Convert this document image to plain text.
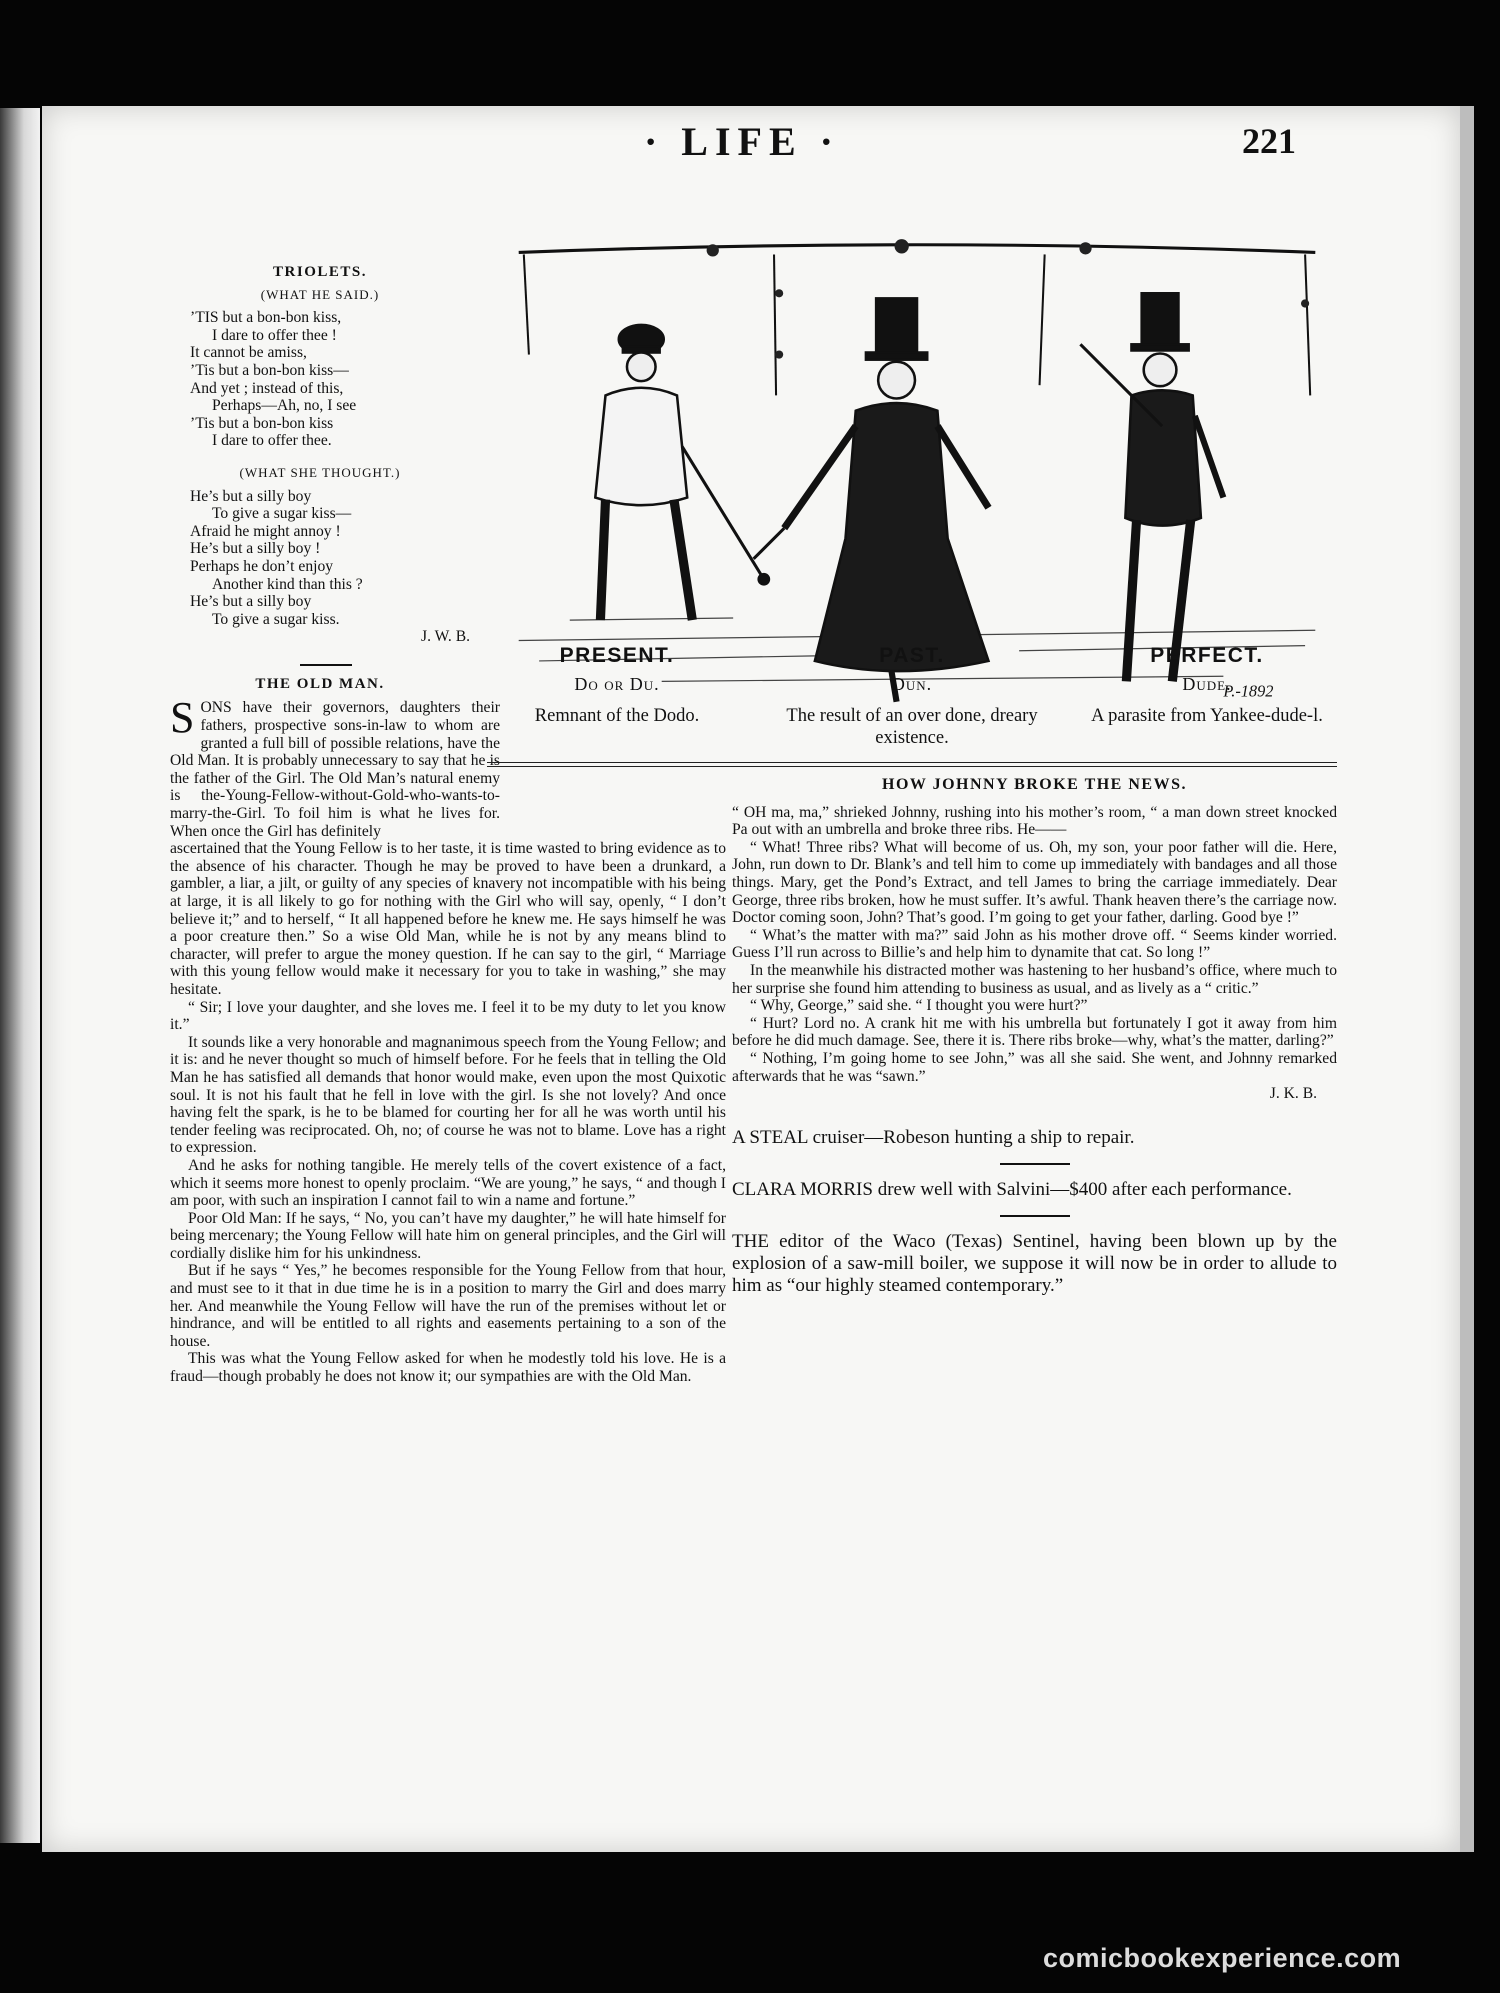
· LIFE ·	221
TRIOLETS.
(WHAT HE SAID.)
’TIS but a bon-bon kiss,
I dare to offer thee !
It cannot be amiss,
’Tis but a bon-bon kiss—
And yet ; instead of this,
Perhaps—Ah, no, I see
’Tis but a bon-bon kiss
I dare to offer thee.
(WHAT SHE THOUGHT.)
He’s but a silly boy
To give a sugar kiss—
Afraid he might annoy !
He’s but a silly boy !
Perhaps he don’t enjoy
Another kind than this ?
He’s but a silly boy
To give a sugar kiss.
J. W. B.
THE OLD MAN.
SONS have their governors, daughters their fathers, prospective sons-in-law to whom are granted a full bill of possible relations, have the Old Man. It is probably unnecessary to say that he is the father of the Girl. The Old Man’s natural enemy is the-Young-Fellow-without-Gold-who-wants-to-marry-the-Girl. To foil him is what he lives for. When once the Girl has definitely

ascertained that the Young Fellow is to her taste, it is time wasted to bring evidence as to the absence of his character. Though he may be proved to have been a drunkard, a gambler, a liar, a jilt, or guilty of any species of knavery not incompatible with his being at large, it is all likely to go for nothing with the Girl who will say, openly, “ I don’t believe it;” and to herself, “ It all happened before he knew me. He says himself he was a poor creature then.” So a wise Old Man, while he is not by any means blind to character, will prefer to argue the money question. If he can say to the girl, “ Marriage with this young fellow would make it necessary for you to take in washing,” she may hesitate.

“ Sir; I love your daughter, and she loves me. I feel it to be my duty to let you know it.”

It sounds like a very honorable and magnanimous speech from the Young Fellow; and it is: and he never thought so much of himself before. For he feels that in telling the Old Man he has satisfied all demands that honor would make, even upon the most Quixotic soul. It is not his fault that he fell in love with the girl. Is she not lovely? And once having felt the spark, is he to be blamed for courting her for all he was worth until his tender feeling was reciprocated. Oh, no; of course he was not to blame. Love has a right to expression.

And he asks for nothing tangible. He merely tells of the covert existence of a fact, which it seems more honest to openly proclaim. “We are young,” he says, “ and though I am poor, with such an inspiration I cannot fail to win a name and fortune.”

Poor Old Man: If he says, “ No, you can’t have my daughter,” he will hate himself for being mercenary; the Young Fellow will hate him on general principles, and the Girl will cordially dislike him for his unkindness.

But if he says “ Yes,” he becomes responsible for the Young Fellow from that hour, and must see to it that in due time he is in a position to marry the Girl and does marry her. And meanwhile the Young Fellow will have the run of the premises without let or hindrance, and will be entitled to all rights and easements pertaining to a son of the house.

This was what the Young Fellow asked for when he modestly told his love. He is a fraud—though probably he does not know it; our sympathies are with the Old Man.

P.-1892
PRESENT.
Do or Du.
Remnant of the Dodo.
PAST.
Dun.
The result of an over done, dreary existence.
PERFECT.
Dude.
A parasite from Yankee-dude-l.
HOW JOHNNY BROKE THE NEWS.

“ OH ma, ma,” shrieked Johnny, rushing into his mother’s room, “ a man down street knocked Pa out with an umbrella and broke three ribs. He——

“ What! Three ribs? What will become of us. Oh, my son, your poor father will die. Here, John, run down to Dr. Blank’s and tell him to come up immediately with bandages and all those things. Mary, get the Pond’s Extract, and tell James to bring the carriage immediately. Dear George, three ribs broken, how he must suffer. It’s awful. Thank heaven there’s the carriage now. Doctor coming soon, John? That’s good. I’m going to get your father, darling. Good bye !”

“ What’s the matter with ma?” said John as his mother drove off. “ Seems kinder worried. Guess I’ll run across to Billie’s and help him to dynamite that cat. So long !”

In the meanwhile his distracted mother was hastening to her husband’s office, where much to her surprise she found him attending to business as usual, and as lively as a “ critic.”

“ Why, George,” said she. “ I thought you were hurt?”

“ Hurt? Lord no. A crank hit me with his umbrella but fortunately I got it away from him before he did much damage. See, there it is. There ribs broke—why, what’s the matter, darling?”

“ Nothing, I’m going home to see John,” was all she said. She went, and Johnny remarked afterwards that he was “sawn.”

J. K. B.
A STEAL cruiser—Robeson hunting a ship to repair.
CLARA MORRIS drew well with Salvini—$400 after each performance.
THE editor of the Waco (Texas) Sentinel, having been blown up by the explosion of a saw-mill boiler, we suppose it will now be in order to allude to him as “our highly steamed contemporary.”
comicbookexperience.com
